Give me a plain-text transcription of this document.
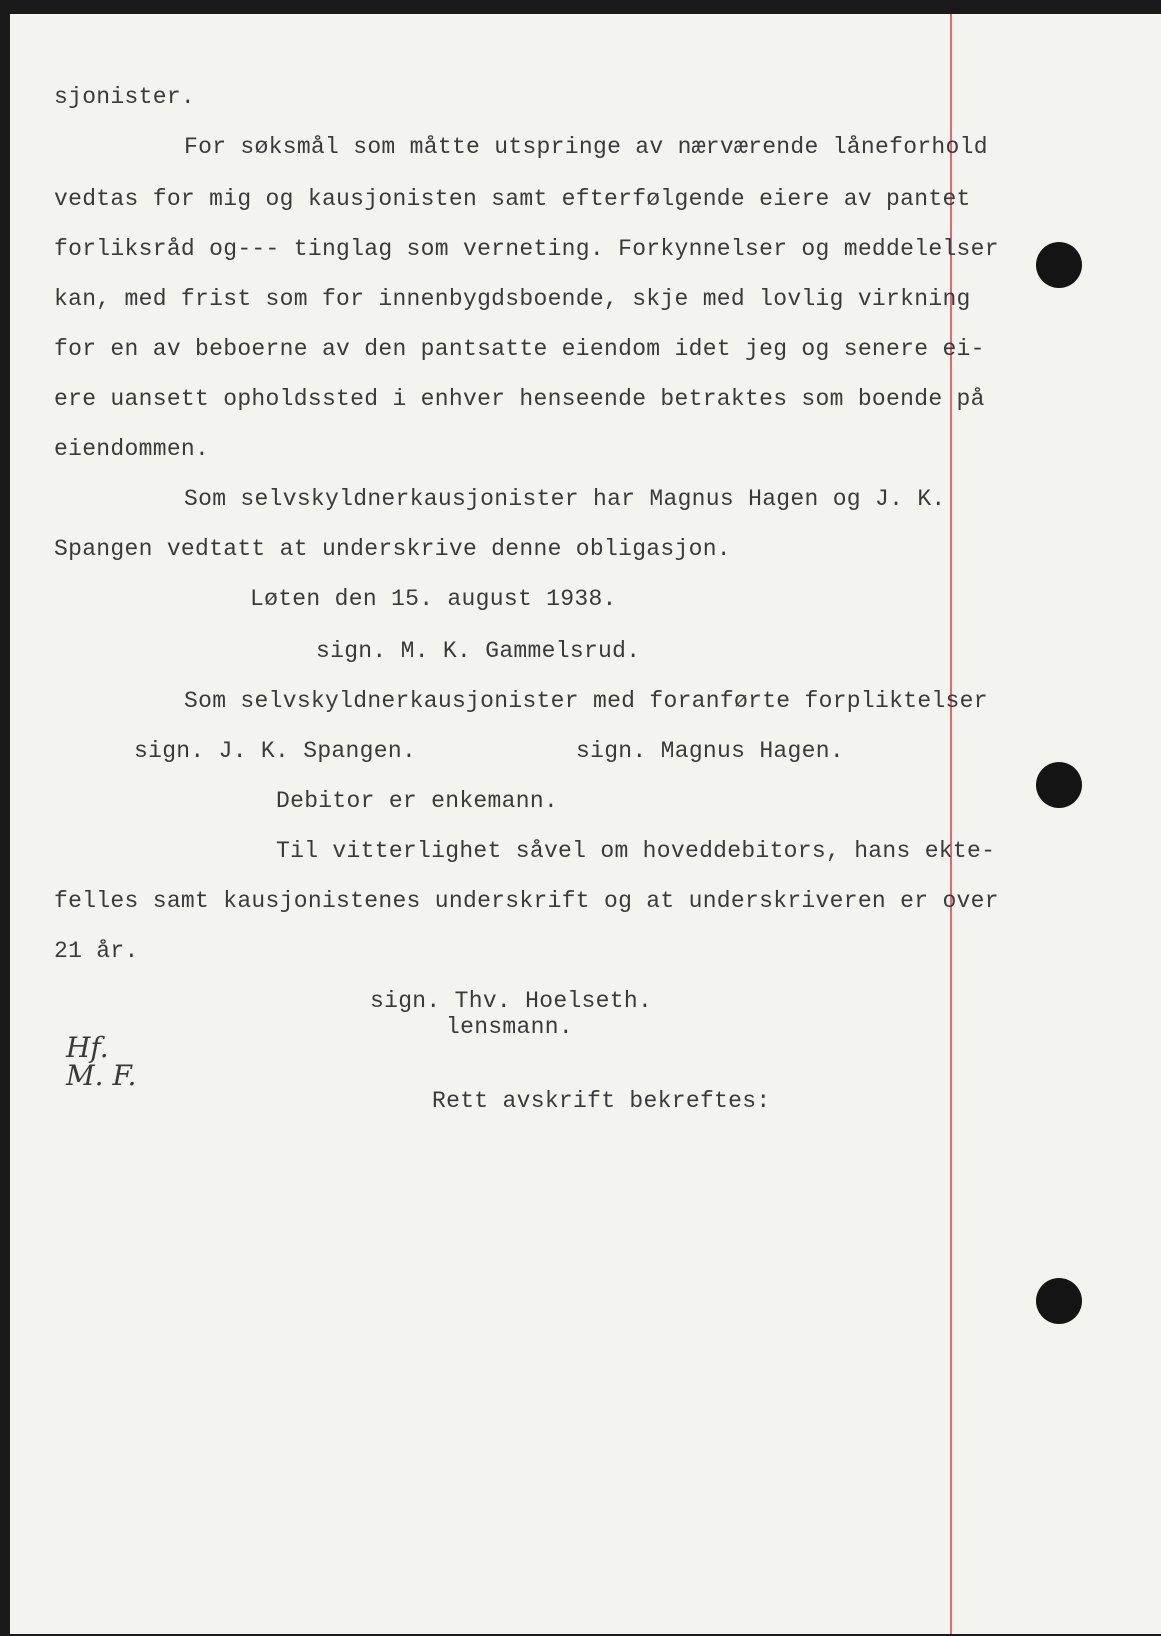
sjonister.
For søksmål som måtte utspringe av nærværende låneforhold
vedtas for mig og kausjonisten samt efterfølgende eiere av pantet
forliksråd og--- tinglag som verneting. Forkynnelser og meddelelser
kan, med frist som for innenbygdsboende, skje med lovlig virkning
for en av beboerne av den pantsatte eiendom idet jeg og senere ei-
ere uansett opholdssted i enhver henseende betraktes som boende på
eiendommen.
Som selvskyldnerkausjonister har Magnus Hagen og J. K.
Spangen vedtatt at underskrive denne obligasjon.
Løten den 15. august 1938.
sign. M. K. Gammelsrud.
Som selvskyldnerkausjonister med foranførte forpliktelser
sign. J. K. Spangen.	sign. Magnus Hagen.
Debitor er enkemann.
Til vitterlighet såvel om hoveddebitors, hans ekte-
felles samt kausjonistenes underskrift og at underskriveren er over
21 år.
sign. Thv. Hoelseth.
lensmann.
Rett avskrift bekreftes:
Hf.
M. F.
